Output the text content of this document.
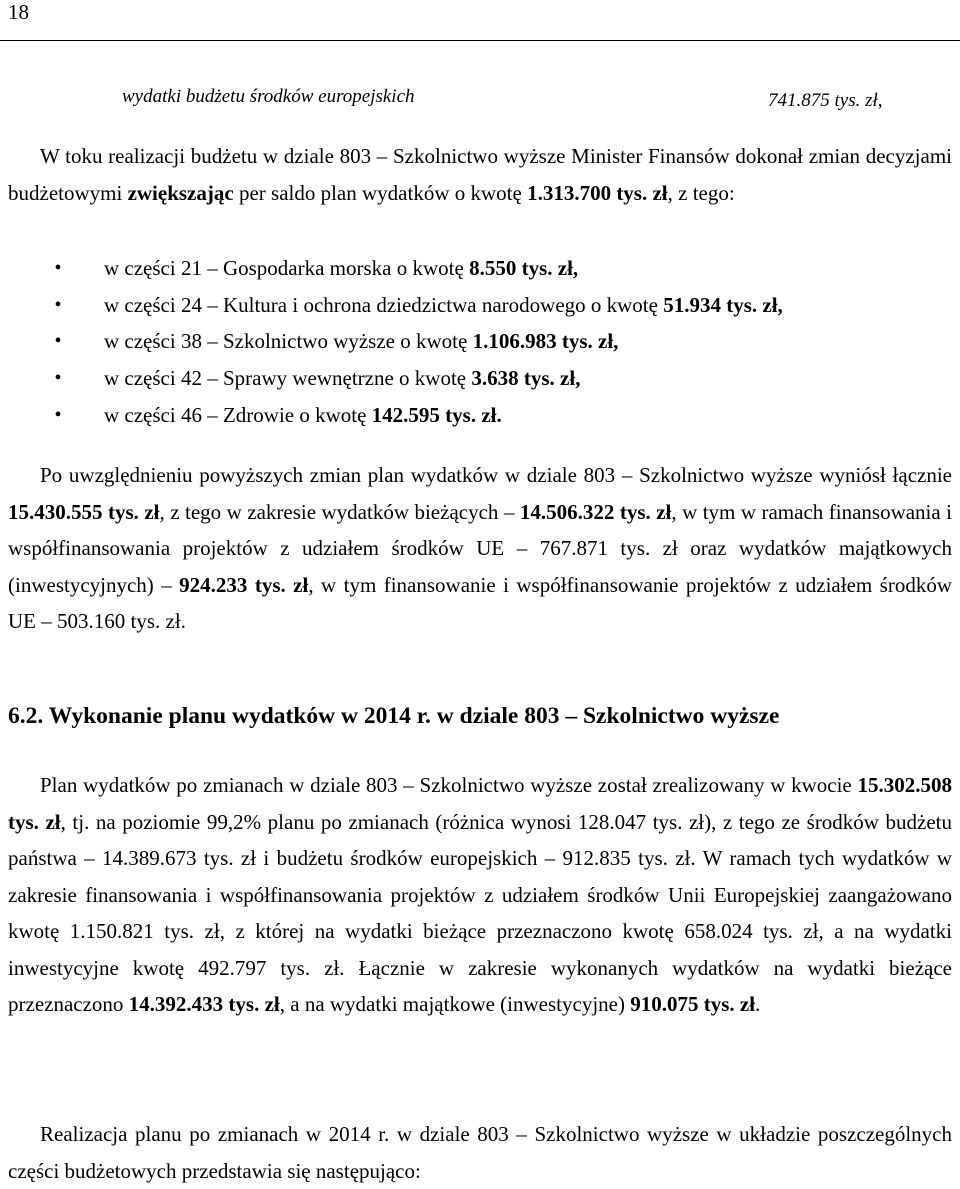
18
wydatki budżetu środków europejskich	741.875 tys. zł,
W toku realizacji budżetu w dziale 803 – Szkolnictwo wyższe Minister Finansów dokonał zmian decyzjami budżetowymi zwiększając per saldo plan wydatków o kwotę 1.313.700 tys. zł, z tego:
•	w części 21 – Gospodarka morska o kwotę 8.550 tys. zł,
•	w części 24 – Kultura i ochrona dziedzictwa narodowego o kwotę 51.934 tys. zł,
•	w części 38 – Szkolnictwo wyższe o kwotę 1.106.983 tys. zł,
•	w części 42 – Sprawy wewnętrzne o kwotę 3.638 tys. zł,
•	w części 46 – Zdrowie o kwotę 142.595 tys. zł.
Po uwzględnieniu powyższych zmian plan wydatków w dziale 803 – Szkolnictwo wyższe wyniósł łącznie 15.430.555 tys. zł, z tego w zakresie wydatków bieżących – 14.506.322 tys. zł, w tym w ramach finansowania i współfinansowania projektów z udziałem środków UE – 767.871 tys. zł oraz wydatków majątkowych (inwestycyjnych) – 924.233 tys. zł, w tym finansowanie i współfinansowanie projektów z udziałem środków UE – 503.160 tys. zł.
6.2. Wykonanie planu wydatków w 2014 r. w dziale 803 – Szkolnictwo wyższe
Plan wydatków po zmianach w dziale 803 – Szkolnictwo wyższe został zrealizowany w kwocie 15.302.508 tys. zł, tj. na poziomie 99,2% planu po zmianach (różnica wynosi 128.047 tys. zł), z tego ze środków budżetu państwa – 14.389.673 tys. zł i budżetu środków europejskich – 912.835 tys. zł. W ramach tych wydatków w zakresie finansowania i współfinansowania projektów z udziałem środków Unii Europejskiej zaangażowano kwotę 1.150.821 tys. zł, z której na wydatki bieżące przeznaczono kwotę 658.024 tys. zł, a na wydatki inwestycyjne kwotę 492.797 tys. zł. Łącznie w zakresie wykonanych wydatków na wydatki bieżące przeznaczono 14.392.433 tys. zł, a na wydatki majątkowe (inwestycyjne) 910.075 tys. zł.
Realizacja planu po zmianach w 2014 r. w dziale 803 – Szkolnictwo wyższe w układzie poszczególnych części budżetowych przedstawia się następująco:
